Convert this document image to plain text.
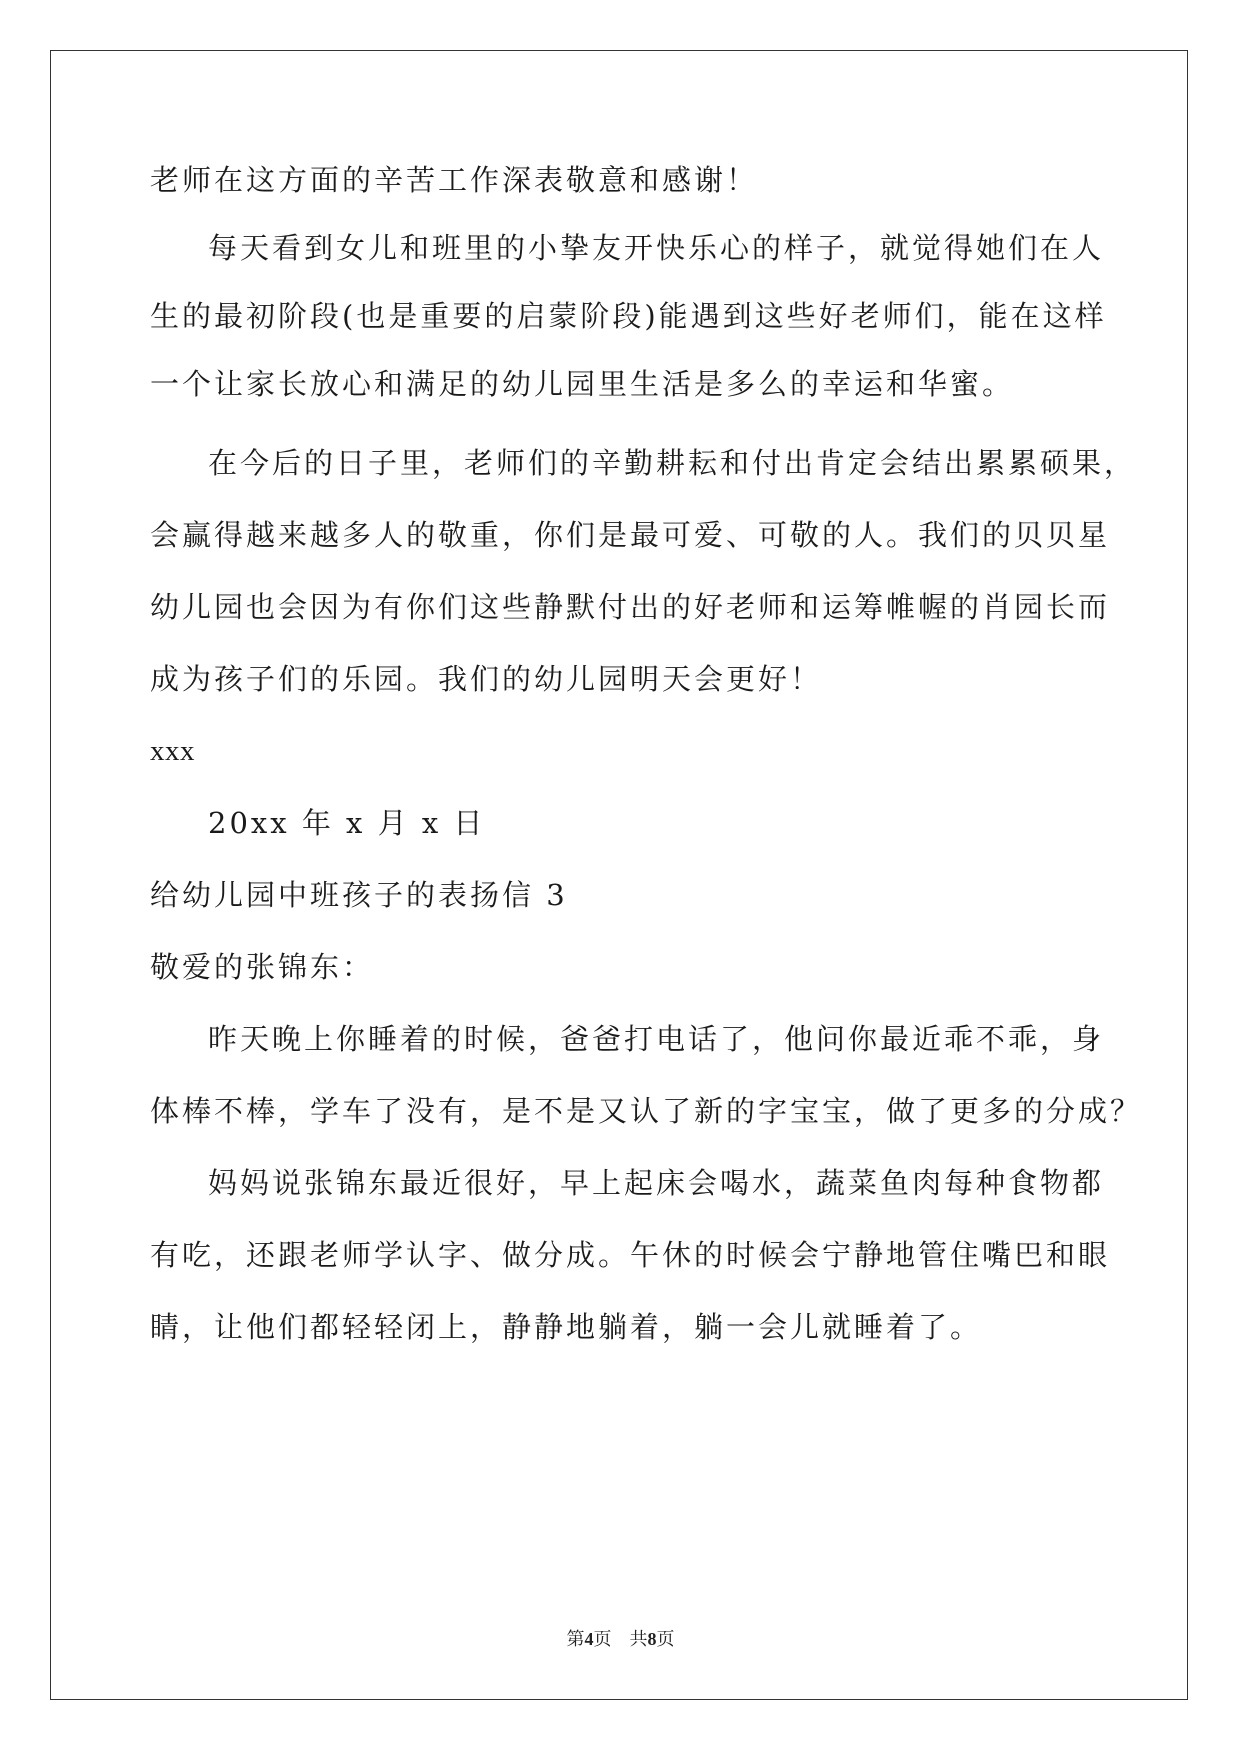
老师在这方面的辛苦工作深表敬意和感谢！
每天看到女儿和班里的小挚友开快乐心的样子，就觉得她们在人
生的最初阶段(也是重要的启蒙阶段)能遇到这些好老师们，能在这样
一个让家长放心和满足的幼儿园里生活是多么的幸运和华蜜。
在今后的日子里，老师们的辛勤耕耘和付出肯定会结出累累硕果，
会赢得越来越多人的敬重，你们是最可爱、可敬的人。我们的贝贝星
幼儿园也会因为有你们这些静默付出的好老师和运筹帷幄的肖园长而
成为孩子们的乐园。我们的幼儿园明天会更好！
xxx
20xx 年 x 月 x 日
给幼儿园中班孩子的表扬信 3
敬爱的张锦东：
昨天晚上你睡着的时候，爸爸打电话了，他问你最近乖不乖，身
体棒不棒，学车了没有，是不是又认了新的字宝宝，做了更多的分成？
妈妈说张锦东最近很好，早上起床会喝水，蔬菜鱼肉每种食物都
有吃，还跟老师学认字、做分成。午休的时候会宁静地管住嘴巴和眼
睛，让他们都轻轻闭上，静静地躺着，躺一会儿就睡着了。
第4页　共8页
